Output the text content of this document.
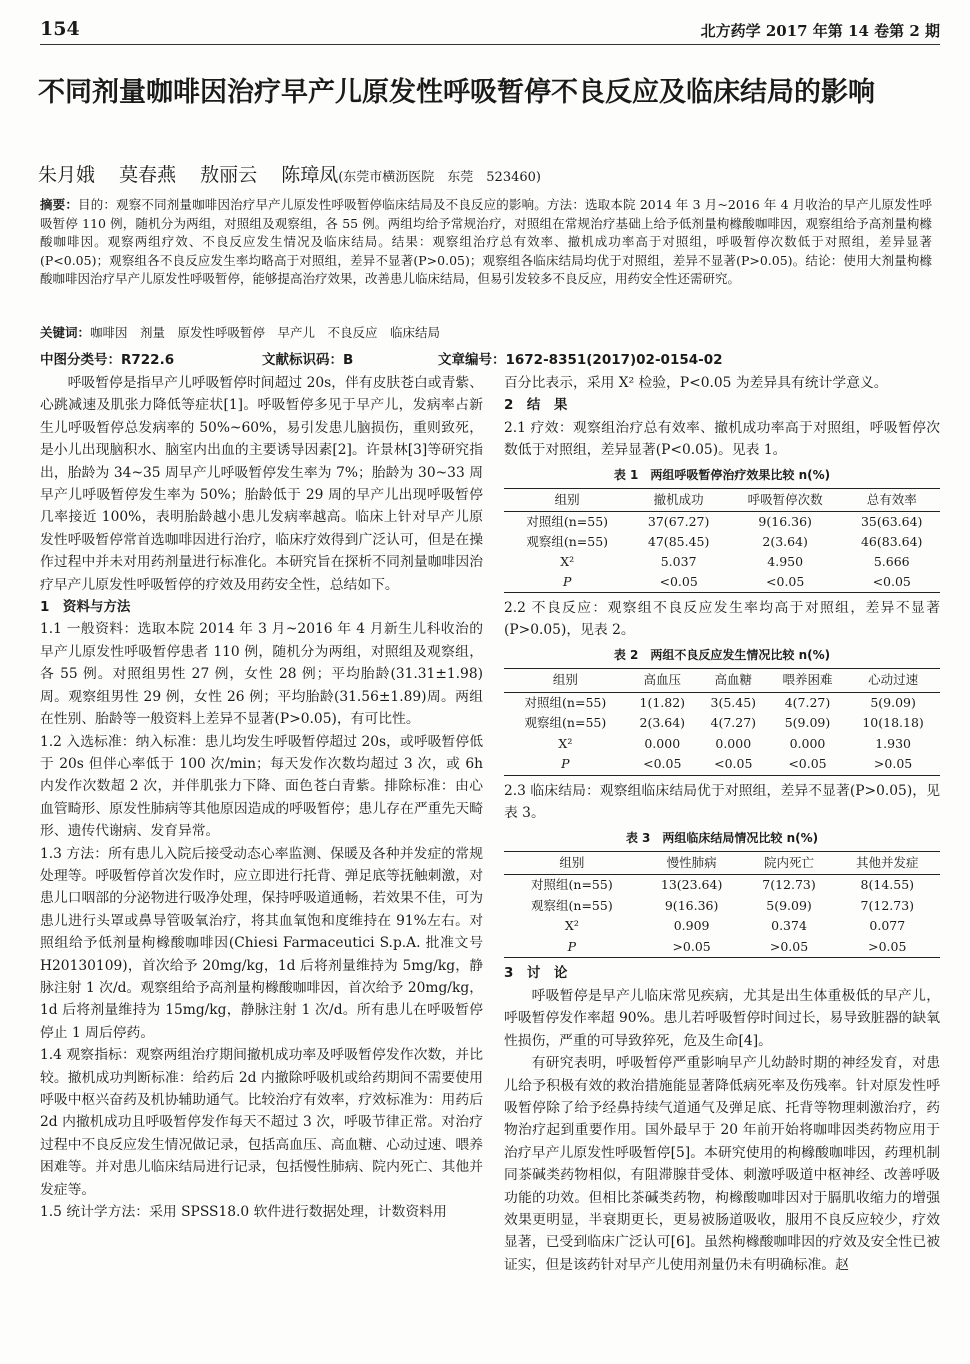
154	北方药学 2017 年第 14 卷第 2 期
不同剂量咖啡因治疗早产儿原发性呼吸暂停不良反应及临床结局的影响
朱月娥 莫春燕 敖丽云 陈璋凤(东莞市横沥医院　东莞　523460)
摘要：目的：观察不同剂量咖啡因治疗早产儿原发性呼吸暂停临床结局及不良反应的影响。方法：选取本院 2014 年 3 月~2016 年 4 月收治的早产儿原发性呼吸暂停 110 例，随机分为两组，对照组及观察组，各 55 例。两组均给予常规治疗，对照组在常规治疗基础上给予低剂量枸橼酸咖啡因，观察组给予高剂量枸橼酸咖啡因。观察两组疗效、不良反应发生情况及临床结局。结果：观察组治疗总有效率、撤机成功率高于对照组，呼吸暂停次数低于对照组，差异显著(P<0.05)；观察组各不良反应发生率均略高于对照组，差异不显著(P>0.05)；观察组各临床结局均优于对照组，差异不显著(P>0.05)。结论：使用大剂量枸橼酸咖啡因治疗早产儿原发性呼吸暂停，能够提高治疗效果，改善患儿临床结局，但易引发较多不良反应，用药安全性还需研究。
关键词：咖啡因　剂量　原发性呼吸暂停　早产儿　不良反应　临床结局
中图分类号：R722.6	文献标识码：B	文章编号：1672-8351(2017)02-0154-02

呼吸暂停是指早产儿呼吸暂停时间超过 20s，伴有皮肤苍白或青紫、心跳减速及肌张力降低等症状[1]。呼吸暂停多见于早产儿，发病率占新生儿呼吸暂停总发病率的 50%~60%，易引发患儿脑损伤，重则致死，是小儿出现脑积水、脑室内出血的主要诱导因素[2]。许景林[3]等研究指出，胎龄为 34~35 周早产儿呼吸暂停发生率为 7%；胎龄为 30~33 周早产儿呼吸暂停发生率为 50%；胎龄低于 29 周的早产儿出现呼吸暂停几率接近 100%，表明胎龄越小患儿发病率越高。临床上针对早产儿原发性呼吸暂停常首选咖啡因进行治疗，临床疗效得到广泛认可，但是在操作过程中并未对用药剂量进行标准化。本研究旨在探析不同剂量咖啡因治疗早产儿原发性呼吸暂停的疗效及用药安全性，总结如下。

1　资料与方法

1.1 一般资料：选取本院 2014 年 3 月~2016 年 4 月新生儿科收治的早产儿原发性呼吸暂停患者 110 例，随机分为两组，对照组及观察组，各 55 例。对照组男性 27 例，女性 28 例；平均胎龄(31.31±1.98)周。观察组男性 29 例，女性 26 例；平均胎龄(31.56±1.89)周。两组在性别、胎龄等一般资料上差异不显著(P>0.05)，有可比性。

1.2 入选标准：纳入标准：患儿均发生呼吸暂停超过 20s，或呼吸暂停低于 20s 但伴心率低于 100 次/min；每天发作次数均超过 3 次，或 6h 内发作次数超 2 次，并伴肌张力下降、面色苍白青紫。排除标准：由心血管畸形、原发性肺病等其他原因造成的呼吸暂停；患儿存在严重先天畸形、遗传代谢病、发育异常。

1.3 方法：所有患儿入院后接受动态心率监测、保暖及各种并发症的常规处理等。呼吸暂停首次发作时，应立即进行托背、弹足底等抚触刺激，对患儿口咽部的分泌物进行吸净处理，保持呼吸道通畅，若效果不佳，可为患儿进行头罩或鼻导管吸氧治疗，将其血氧饱和度维持在 91%左右。对照组给予低剂量枸橼酸咖啡因(Chiesi Farmaceutici S.p.A. 批准文号 H20130109)，首次给予 20mg/kg，1d 后将剂量维持为 5mg/kg，静脉注射 1 次/d。观察组给予高剂量枸橼酸咖啡因，首次给予 20mg/kg，1d 后将剂量维持为 15mg/kg，静脉注射 1 次/d。所有患儿在呼吸暂停停止 1 周后停药。

1.4 观察指标：观察两组治疗期间撤机成功率及呼吸暂停发作次数，并比较。撤机成功判断标准：给药后 2d 内撤除呼吸机或给药期间不需要使用呼吸中枢兴奋药及机协辅助通气。比较治疗有效率，疗效标准为：用药后 2d 内撤机成功且呼吸暂停发作每天不超过 3 次，呼吸节律正常。对治疗过程中不良反应发生情况做记录，包括高血压、高血糖、心动过速、喂养困难等。并对患儿临床结局进行记录，包括慢性肺病、院内死亡、其他并发症等。

1.5 统计学方法：采用 SPSS18.0 软件进行数据处理，计数资料用

百分比表示，采用 X² 检验，P<0.05 为差异具有统计学意义。

2　结　果

2.1 疗效：观察组治疗总有效率、撤机成功率高于对照组，呼吸暂停次数低于对照组，差异显著(P<0.05)。见表 1。

表 1　两组呼吸暂停治疗效果比较 n(%)
组别	撤机成功	呼吸暂停次数	总有效率
对照组(n=55)	37(67.27)	9(16.36)	35(63.64)
观察组(n=55)	47(85.45)	2(3.64)	46(83.64)
X²	5.037	4.950	5.666
P	<0.05	<0.05	<0.05

2.2 不良反应：观察组不良反应发生率均高于对照组，差异不显著(P>0.05)，见表 2。

表 2　两组不良反应发生情况比较 n(%)
组别	高血压	高血糖	喂养困难	心动过速
对照组(n=55)	1(1.82)	3(5.45)	4(7.27)	5(9.09)
观察组(n=55)	2(3.64)	4(7.27)	5(9.09)	10(18.18)
X²	0.000	0.000	0.000	1.930
P	<0.05	<0.05	<0.05	>0.05

2.3 临床结局：观察组临床结局优于对照组，差异不显著(P>0.05)，见表 3。

表 3　两组临床结局情况比较 n(%)
组别	慢性肺病	院内死亡	其他并发症
对照组(n=55)	13(23.64)	7(12.73)	8(14.55)
观察组(n=55)	9(16.36)	5(9.09)	7(12.73)
X²	0.909	0.374	0.077
P	>0.05	>0.05	>0.05

3　讨　论

呼吸暂停是早产儿临床常见疾病，尤其是出生体重极低的早产儿，呼吸暂停发作率超 90%。患儿若呼吸暂停时间过长，易导致脏器的缺氧性损伤，严重的可导致猝死，危及生命[4]。

有研究表明，呼吸暂停严重影响早产儿幼龄时期的神经发育，对患儿给予积极有效的救治措施能显著降低病死率及伤残率。针对原发性呼吸暂停除了给予经鼻持续气道通气及弹足底、托背等物理刺激治疗，药物治疗起到重要作用。国外最早于 20 年前开始将咖啡因类药物应用于治疗早产儿原发性呼吸暂停[5]。本研究使用的枸橼酸咖啡因，药理机制同茶碱类药物相似，有阻滞腺苷受体、刺激呼吸道中枢神经、改善呼吸功能的功效。但相比茶碱类药物，枸橼酸咖啡因对于膈肌收缩力的增强效果更明显，半衰期更长，更易被肠道吸收，服用不良反应较少，疗效显著，已受到临床广泛认可[6]。虽然枸橼酸咖啡因的疗效及安全性已被证实，但是该药针对早产儿使用剂量仍未有明确标准。赵
